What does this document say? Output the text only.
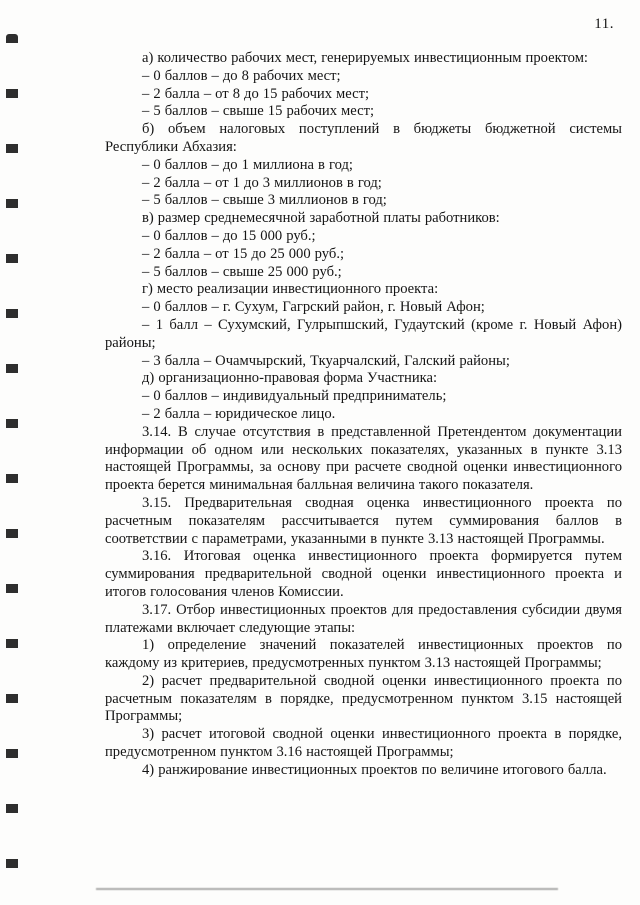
11.

а) количество рабочих мест, генерируемых инвестиционным проектом:

– 0 баллов – до 8 рабочих мест;

– 2 балла – от 8 до 15 рабочих мест;

– 5 баллов – свыше 15 рабочих мест;

б) объем налоговых поступлений в бюджеты бюджетной системы Республики Абхазия:

– 0 баллов – до 1 миллиона в год;

– 2 балла – от 1 до 3 миллионов в год;

– 5 баллов – свыше 3 миллионов в год;

в) размер среднемесячной заработной платы работников:

– 0 баллов – до 15 000 руб.;

– 2 балла – от 15 до 25 000 руб.;

– 5 баллов – свыше 25 000 руб.;

г) место реализации инвестиционного проекта:

– 0 баллов – г. Сухум, Гагрский район, г. Новый Афон;

– 1 балл – Сухумский, Гулрыпшский, Гудаутский (кроме г. Новый Афон) районы;

– 3 балла – Очамчырский, Ткуарчалский, Галский районы;

д) организационно-правовая форма Участника:

– 0 баллов – индивидуальный предприниматель;

– 2 балла – юридическое лицо.

3.14. В случае отсутствия в представленной Претендентом документации информации об одном или нескольких показателях, указанных в пункте 3.13 настоящей Программы, за основу при расчете сводной оценки инвестиционного проекта берется минимальная балльная величина такого показателя.

3.15. Предварительная сводная оценка инвестиционного проекта по расчетным показателям рассчитывается путем суммирования баллов в соответствии с параметрами, указанными в пункте 3.13 настоящей Программы.

3.16. Итоговая оценка инвестиционного проекта формируется путем суммирования предварительной сводной оценки инвестиционного проекта и итогов голосования членов Комиссии.

3.17. Отбор инвестиционных проектов для предоставления субсидии двумя платежами включает следующие этапы:

1) определение значений показателей инвестиционных проектов по каждому из критериев, предусмотренных пунктом 3.13 настоящей Программы;

2) расчет предварительной сводной оценки инвестиционного проекта по расчетным показателям в порядке, предусмотренном пунктом 3.15 настоящей Программы;

3) расчет итоговой сводной оценки инвестиционного проекта в порядке, предусмотренном пунктом 3.16 настоящей Программы;

4) ранжирование инвестиционных проектов по величине итогового балла.
